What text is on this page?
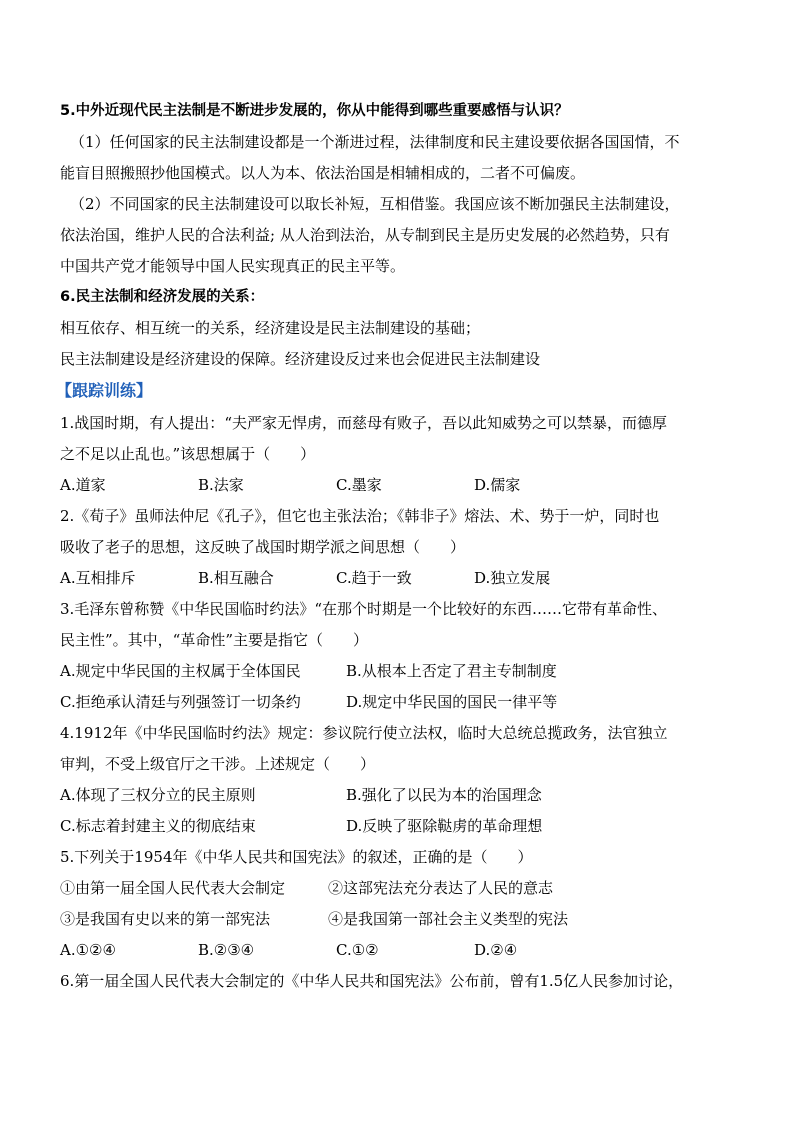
5.中外近现代民主法制是不断进步发展的，你从中能得到哪些重要感悟与认识？
（1）任何国家的民主法制建设都是一个渐进过程，法律制度和民主建设要依据各国国情，不
能盲目照搬照抄他国模式。以人为本、依法治国是相辅相成的，二者不可偏废。
（2）不同国家的民主法制建设可以取长补短，互相借鉴。我国应该不断加强民主法制建设，
依法治国，维护人民的合法利益; 从人治到法治，从专制到民主是历史发展的必然趋势，只有
中国共产党才能领导中国人民实现真正的民主平等。
6.民主法制和经济发展的关系：
相互依存、相互统一的关系，经济建设是民主法制建设的基础；
民主法制建设是经济建设的保障。经济建设反过来也会促进民主法制建设
【跟踪训练】
1.战国时期，有人提出：“夫严家无悍虏，而慈母有败子，吾以此知威势之可以禁暴，而德厚
之不足以止乱也。”该思想属于（　　）
A.道家	B.法家	C.墨家	D.儒家
2.《荀子》虽师法仲尼《孔子》，但它也主张法治；《韩非子》熔法、术、势于一炉，同时也
吸收了老子的思想，这反映了战国时期学派之间思想（　　）
A.互相排斥	B.相互融合	C.趋于一致	D.独立发展
3.毛泽东曾称赞《中华民国临时约法》“在那个时期是一个比较好的东西……它带有革命性、
民主性”。其中，“革命性”主要是指它（　　）
A.规定中华民国的主权属于全体国民	B.从根本上否定了君主专制制度
C.拒绝承认清廷与列强签订一切条约	D.规定中华民国的国民一律平等
4.1912年《中华民国临时约法》规定：参议院行使立法权，临时大总统总揽政务，法官独立
审判，不受上级官厅之干涉。上述规定（　　）
A.体现了三权分立的民主原则	B.强化了以民为本的治国理念
C.标志着封建主义的彻底结束	D.反映了驱除鞑虏的革命理想
5.下列关于1954年《中华人民共和国宪法》的叙述，正确的是（　　）
①由第一届全国人民代表大会制定	②这部宪法充分表达了人民的意志
③是我国有史以来的第一部宪法	④是我国第一部社会主义类型的宪法
A.①②④	B.②③④	C.①②	D.②④
6.第一届全国人民代表大会制定的《中华人民共和国宪法》公布前，曾有1.5亿人民参加讨论，
